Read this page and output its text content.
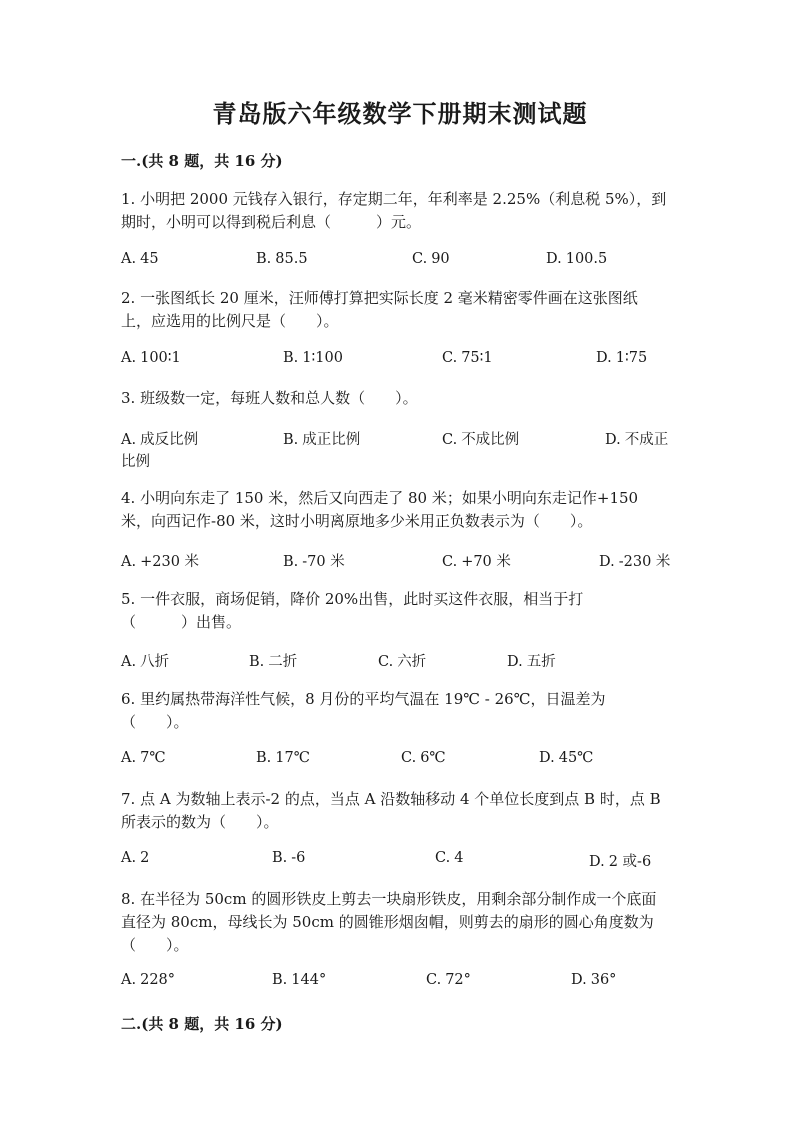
青岛版六年级数学下册期末测试题
一.(共 8 题，共 16 分)
1. 小明把 2000 元钱存入银行，存定期二年，年利率是 2.25%（利息税 5%），到
期时，小明可以得到税后利息（　　　）元。
A. 45	B. 85.5	C. 90	D. 100.5
2. 一张图纸长 20 厘米，汪师傅打算把实际长度 2 毫米精密零件画在这张图纸
上，应选用的比例尺是（　　）。
A. 100∶1	B. 1∶100	C. 75∶1	D. 1∶75
3. 班级数一定，每班人数和总人数（　　）。
A. 成反比例	B. 成正比例	C. 不成比例	D. 不成正
比例
4. 小明向东走了 150 米，然后又向西走了 80 米；如果小明向东走记作+150
米，向西记作-80 米，这时小明离原地多少米用正负数表示为（　　）。
A. +230 米	B. -70 米	C. +70 米	D. -230 米
5. 一件衣服，商场促销，降价 20%出售，此时买这件衣服，相当于打
（　　　）出售。
A. 八折	B. 二折	C. 六折	D. 五折
6. 里约属热带海洋性气候，8 月份的平均气温在 19℃ - 26℃，日温差为
（　　）。
A. 7℃	B. 17℃	C. 6℃	D. 45℃
7. 点 A 为数轴上表示-2 的点，当点 A 沿数轴移动 4 个单位长度到点 B 时，点 B
所表示的数为（　　）。
A. 2	B. -6	C. 4	D. 2 或-6
8. 在半径为 50cm 的圆形铁皮上剪去一块扇形铁皮，用剩余部分制作成一个底面
直径为 80cm，母线长为 50cm 的圆锥形烟囱帽，则剪去的扇形的圆心角度数为
（　　）。
A. 228°	B. 144°	C. 72°	D. 36°
二.(共 8 题，共 16 分)
